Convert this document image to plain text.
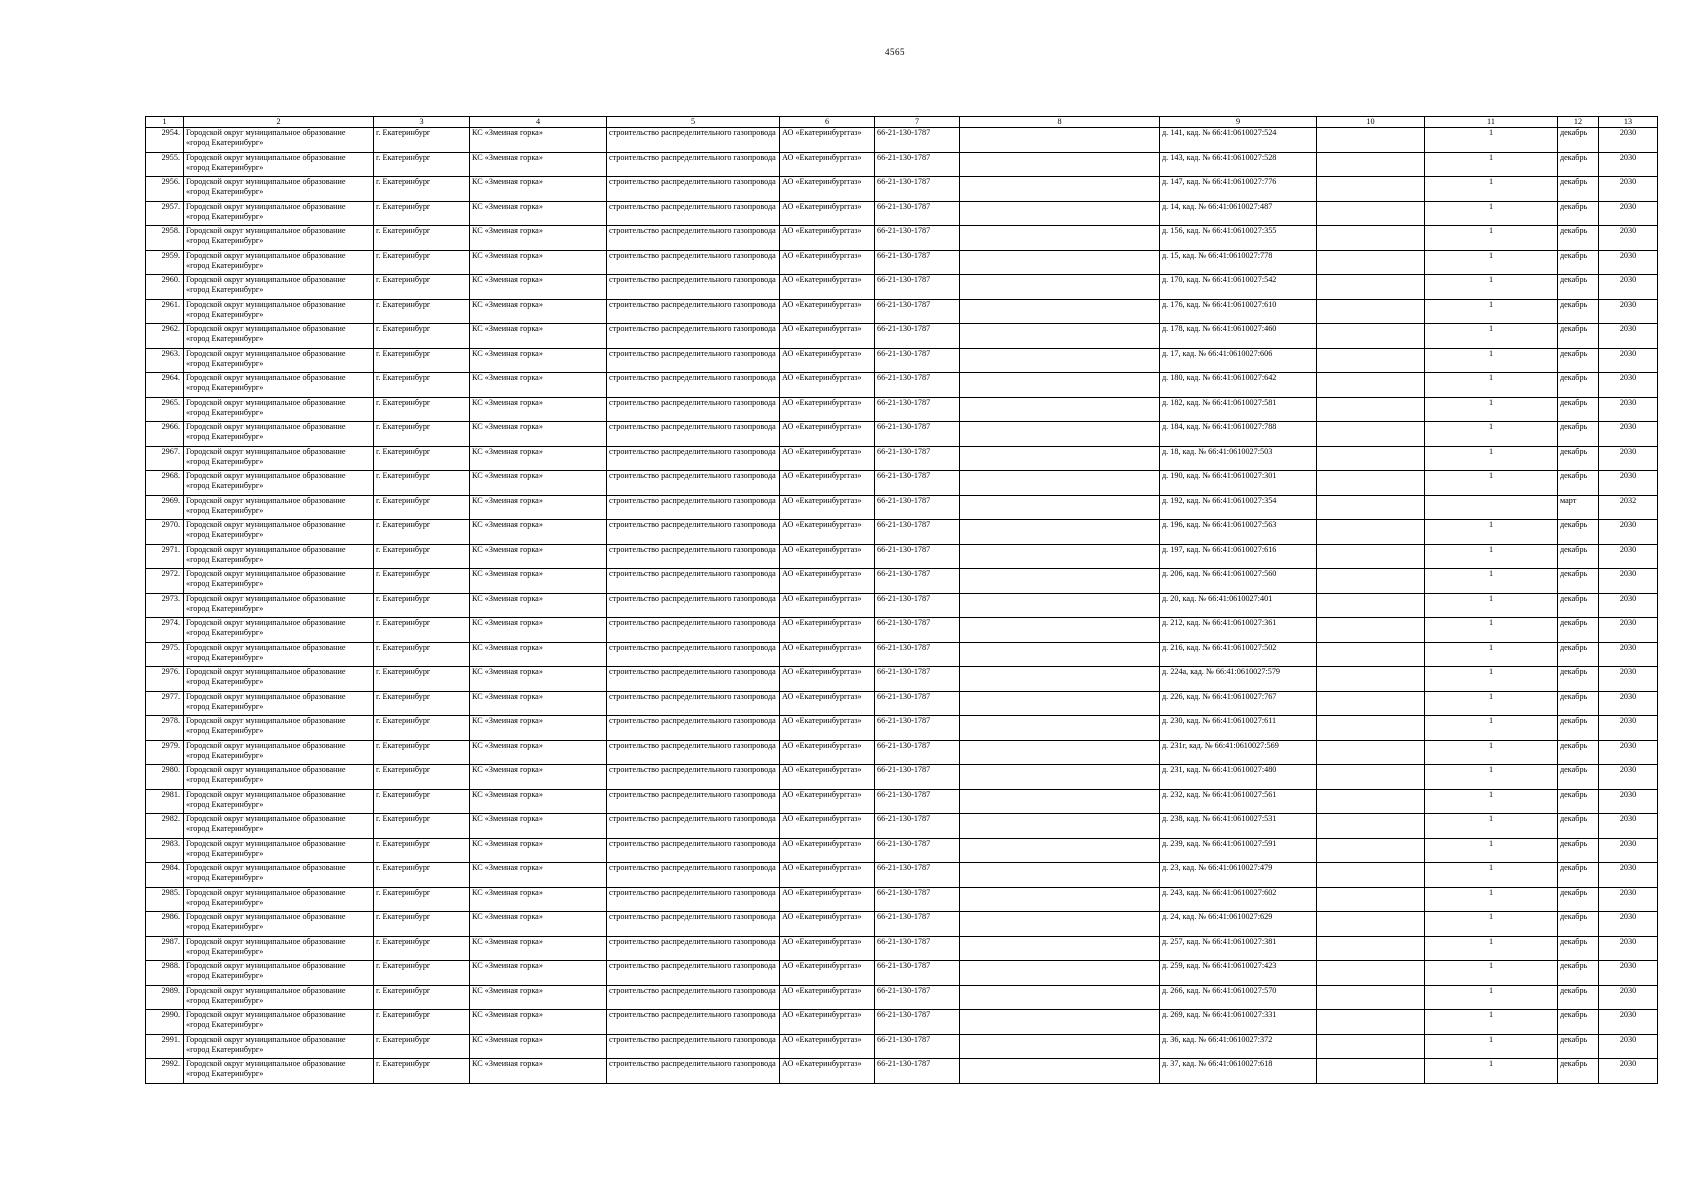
4565
1	2	3	4	5	6	7	8	9	10	11	12	13
2954.	Городской округ муниципальное образование «город Екатеринбург»	г. Екатеринбург	КС «Змеиная горка»	строительство распределительного газопровода	АО «Екатеринбурггаз»	66-21-130-1787		д. 141, кад. № 66:41:0610027:524		1	декабрь	2030
2955.	Городской округ муниципальное образование «город Екатеринбург»	г. Екатеринбург	КС «Змеиная горка»	строительство распределительного газопровода	АО «Екатеринбурггаз»	66-21-130-1787		д. 143, кад. № 66:41:0610027:528		1	декабрь	2030
2956.	Городской округ муниципальное образование «город Екатеринбург»	г. Екатеринбург	КС «Змеиная горка»	строительство распределительного газопровода	АО «Екатеринбурггаз»	66-21-130-1787		д. 147, кад. № 66:41:0610027:776		1	декабрь	2030
2957.	Городской округ муниципальное образование «город Екатеринбург»	г. Екатеринбург	КС «Змеиная горка»	строительство распределительного газопровода	АО «Екатеринбурггаз»	66-21-130-1787		д. 14, кад. № 66:41:0610027:487		1	декабрь	2030
2958.	Городской округ муниципальное образование «город Екатеринбург»	г. Екатеринбург	КС «Змеиная горка»	строительство распределительного газопровода	АО «Екатеринбурггаз»	66-21-130-1787		д. 156, кад. № 66:41:0610027:355		1	декабрь	2030
2959.	Городской округ муниципальное образование «город Екатеринбург»	г. Екатеринбург	КС «Змеиная горка»	строительство распределительного газопровода	АО «Екатеринбурггаз»	66-21-130-1787		д. 15, кад. № 66:41:0610027:778		1	декабрь	2030
2960.	Городской округ муниципальное образование «город Екатеринбург»	г. Екатеринбург	КС «Змеиная горка»	строительство распределительного газопровода	АО «Екатеринбурггаз»	66-21-130-1787		д. 170, кад. № 66:41:0610027:542		1	декабрь	2030
2961.	Городской округ муниципальное образование «город Екатеринбург»	г. Екатеринбург	КС «Змеиная горка»	строительство распределительного газопровода	АО «Екатеринбурггаз»	66-21-130-1787		д. 176, кад. № 66:41:0610027:610		1	декабрь	2030
2962.	Городской округ муниципальное образование «город Екатеринбург»	г. Екатеринбург	КС «Змеиная горка»	строительство распределительного газопровода	АО «Екатеринбурггаз»	66-21-130-1787		д. 178, кад. № 66:41:0610027:460		1	декабрь	2030
2963.	Городской округ муниципальное образование «город Екатеринбург»	г. Екатеринбург	КС «Змеиная горка»	строительство распределительного газопровода	АО «Екатеринбурггаз»	66-21-130-1787		д. 17, кад. № 66:41:0610027:606		1	декабрь	2030
2964.	Городской округ муниципальное образование «город Екатеринбург»	г. Екатеринбург	КС «Змеиная горка»	строительство распределительного газопровода	АО «Екатеринбурггаз»	66-21-130-1787		д. 180, кад. № 66:41:0610027:642		1	декабрь	2030
2965.	Городской округ муниципальное образование «город Екатеринбург»	г. Екатеринбург	КС «Змеиная горка»	строительство распределительного газопровода	АО «Екатеринбурггаз»	66-21-130-1787		д. 182, кад. № 66:41:0610027:581		1	декабрь	2030
2966.	Городской округ муниципальное образование «город Екатеринбург»	г. Екатеринбург	КС «Змеиная горка»	строительство распределительного газопровода	АО «Екатеринбурггаз»	66-21-130-1787		д. 184, кад. № 66:41:0610027:788		1	декабрь	2030
2967.	Городской округ муниципальное образование «город Екатеринбург»	г. Екатеринбург	КС «Змеиная горка»	строительство распределительного газопровода	АО «Екатеринбурггаз»	66-21-130-1787		д. 18, кад. № 66:41:0610027:503		1	декабрь	2030
2968.	Городской округ муниципальное образование «город Екатеринбург»	г. Екатеринбург	КС «Змеиная горка»	строительство распределительного газопровода	АО «Екатеринбурггаз»	66-21-130-1787		д. 190, кад. № 66:41:0610027:301		1	декабрь	2030
2969.	Городской округ муниципальное образование «город Екатеринбург»	г. Екатеринбург	КС «Змеиная горка»	строительство распределительного газопровода	АО «Екатеринбурггаз»	66-21-130-1787		д. 192, кад. № 66:41:0610027:354			март	2032
2970.	Городской округ муниципальное образование «город Екатеринбург»	г. Екатеринбург	КС «Змеиная горка»	строительство распределительного газопровода	АО «Екатеринбурггаз»	66-21-130-1787		д. 196, кад. № 66:41:0610027:563		1	декабрь	2030
2971.	Городской округ муниципальное образование «город Екатеринбург»	г. Екатеринбург	КС «Змеиная горка»	строительство распределительного газопровода	АО «Екатеринбурггаз»	66-21-130-1787		д. 197, кад. № 66:41:0610027:616		1	декабрь	2030
2972.	Городской округ муниципальное образование «город Екатеринбург»	г. Екатеринбург	КС «Змеиная горка»	строительство распределительного газопровода	АО «Екатеринбурггаз»	66-21-130-1787		д. 206, кад. № 66:41:0610027:560		1	декабрь	2030
2973.	Городской округ муниципальное образование «город Екатеринбург»	г. Екатеринбург	КС «Змеиная горка»	строительство распределительного газопровода	АО «Екатеринбурггаз»	66-21-130-1787		д. 20, кад. № 66:41:0610027:401		1	декабрь	2030
2974.	Городской округ муниципальное образование «город Екатеринбург»	г. Екатеринбург	КС «Змеиная горка»	строительство распределительного газопровода	АО «Екатеринбурггаз»	66-21-130-1787		д. 212, кад. № 66:41:0610027:361		1	декабрь	2030
2975.	Городской округ муниципальное образование «город Екатеринбург»	г. Екатеринбург	КС «Змеиная горка»	строительство распределительного газопровода	АО «Екатеринбурггаз»	66-21-130-1787		д. 216, кад. № 66:41:0610027:502		1	декабрь	2030
2976.	Городской округ муниципальное образование «город Екатеринбург»	г. Екатеринбург	КС «Змеиная горка»	строительство распределительного газопровода	АО «Екатеринбурггаз»	66-21-130-1787		д. 224а, кад. № 66:41:0610027:579		1	декабрь	2030
2977.	Городской округ муниципальное образование «город Екатеринбург»	г. Екатеринбург	КС «Змеиная горка»	строительство распределительного газопровода	АО «Екатеринбурггаз»	66-21-130-1787		д. 226, кад. № 66:41:0610027:767		1	декабрь	2030
2978.	Городской округ муниципальное образование «город Екатеринбург»	г. Екатеринбург	КС «Змеиная горка»	строительство распределительного газопровода	АО «Екатеринбурггаз»	66-21-130-1787		д. 230, кад. № 66:41:0610027:611		1	декабрь	2030
2979.	Городской округ муниципальное образование «город Екатеринбург»	г. Екатеринбург	КС «Змеиная горка»	строительство распределительного газопровода	АО «Екатеринбурггаз»	66-21-130-1787		д. 231г, кад. № 66:41:0610027:569		1	декабрь	2030
2980.	Городской округ муниципальное образование «город Екатеринбург»	г. Екатеринбург	КС «Змеиная горка»	строительство распределительного газопровода	АО «Екатеринбурггаз»	66-21-130-1787		д. 231, кад. № 66:41:0610027:480		1	декабрь	2030
2981.	Городской округ муниципальное образование «город Екатеринбург»	г. Екатеринбург	КС «Змеиная горка»	строительство распределительного газопровода	АО «Екатеринбурггаз»	66-21-130-1787		д. 232, кад. № 66:41:0610027:561		1	декабрь	2030
2982.	Городской округ муниципальное образование «город Екатеринбург»	г. Екатеринбург	КС «Змеиная горка»	строительство распределительного газопровода	АО «Екатеринбурггаз»	66-21-130-1787		д. 238, кад. № 66:41:0610027:531		1	декабрь	2030
2983.	Городской округ муниципальное образование «город Екатеринбург»	г. Екатеринбург	КС «Змеиная горка»	строительство распределительного газопровода	АО «Екатеринбурггаз»	66-21-130-1787		д. 239, кад. № 66:41:0610027:591		1	декабрь	2030
2984.	Городской округ муниципальное образование «город Екатеринбург»	г. Екатеринбург	КС «Змеиная горка»	строительство распределительного газопровода	АО «Екатеринбурггаз»	66-21-130-1787		д. 23, кад. № 66:41:0610027:479		1	декабрь	2030
2985.	Городской округ муниципальное образование «город Екатеринбург»	г. Екатеринбург	КС «Змеиная горка»	строительство распределительного газопровода	АО «Екатеринбурггаз»	66-21-130-1787		д. 243, кад. № 66:41:0610027:602		1	декабрь	2030
2986.	Городской округ муниципальное образование «город Екатеринбург»	г. Екатеринбург	КС «Змеиная горка»	строительство распределительного газопровода	АО «Екатеринбурггаз»	66-21-130-1787		д. 24, кад. № 66:41:0610027:629		1	декабрь	2030
2987.	Городской округ муниципальное образование «город Екатеринбург»	г. Екатеринбург	КС «Змеиная горка»	строительство распределительного газопровода	АО «Екатеринбурггаз»	66-21-130-1787		д. 257, кад. № 66:41:0610027:381		1	декабрь	2030
2988.	Городской округ муниципальное образование «город Екатеринбург»	г. Екатеринбург	КС «Змеиная горка»	строительство распределительного газопровода	АО «Екатеринбурггаз»	66-21-130-1787		д. 259, кад. № 66:41:0610027:423		1	декабрь	2030
2989.	Городской округ муниципальное образование «город Екатеринбург»	г. Екатеринбург	КС «Змеиная горка»	строительство распределительного газопровода	АО «Екатеринбурггаз»	66-21-130-1787		д. 266, кад. № 66:41:0610027:570		1	декабрь	2030
2990.	Городской округ муниципальное образование «город Екатеринбург»	г. Екатеринбург	КС «Змеиная горка»	строительство распределительного газопровода	АО «Екатеринбурггаз»	66-21-130-1787		д. 269, кад. № 66:41:0610027:331		1	декабрь	2030
2991.	Городской округ муниципальное образование «город Екатеринбург»	г. Екатеринбург	КС «Змеиная горка»	строительство распределительного газопровода	АО «Екатеринбурггаз»	66-21-130-1787		д. 36, кад. № 66:41:0610027:372		1	декабрь	2030
2992.	Городской округ муниципальное образование «город Екатеринбург»	г. Екатеринбург	КС «Змеиная горка»	строительство распределительного газопровода	АО «Екатеринбурггаз»	66-21-130-1787		д. 37, кад. № 66:41:0610027:618		1	декабрь	2030
